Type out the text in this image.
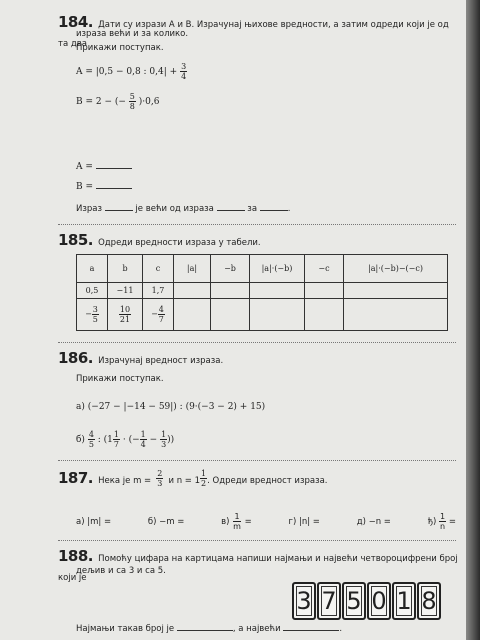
184. Дати су изрази A и B. Израчунај њихове вредности, а затим одреди који је од та два
израза већи и за колико.
Прикажи поступак.
A = |0,5 − 0,8 : $0,4| + \frac{3}{4}$
B = 2 − (− $\frac{5}{8} )\cdot 0,6$
A =
B =
Израз	је већи од израза	за	.
185. Одреди вредности израза у табели.
a	b	c	|a|	−b	|a|·(−b)	−c	|a|·(−b)−(−c)
0,5	−11	1,7					
− $\frac{3}{5}$	$\frac{10}{21}$	− $\frac{4}{7}$

186. Израчунај вредност израза.
Прикажи поступак.
а) (−27 − |−14 − 59|) : (9·(−3 − 2) + 15)
$б) \frac{4}{5}$ : ($1 \frac{1}{7}$ · (− $\frac{1}{4} - \frac{1}{3}$ ))
187. Нека је $m = \frac{2}{3}$ и $n = 1 \frac{1}{2}$ . Одреди вредност израза.
а) |m| =	б) −m =	$в) \frac{1}{m}$ =	г) |n| =	д) −n =	$ђ) \frac{1}{n}$ =
188. Помоћу цифара на картицама напиши најмањи и највећи четвороцифрени број који је
дељив и са 3 и са 5.
3 7 5 0 1 8
Најмањи такав број је	, а највећи	.
